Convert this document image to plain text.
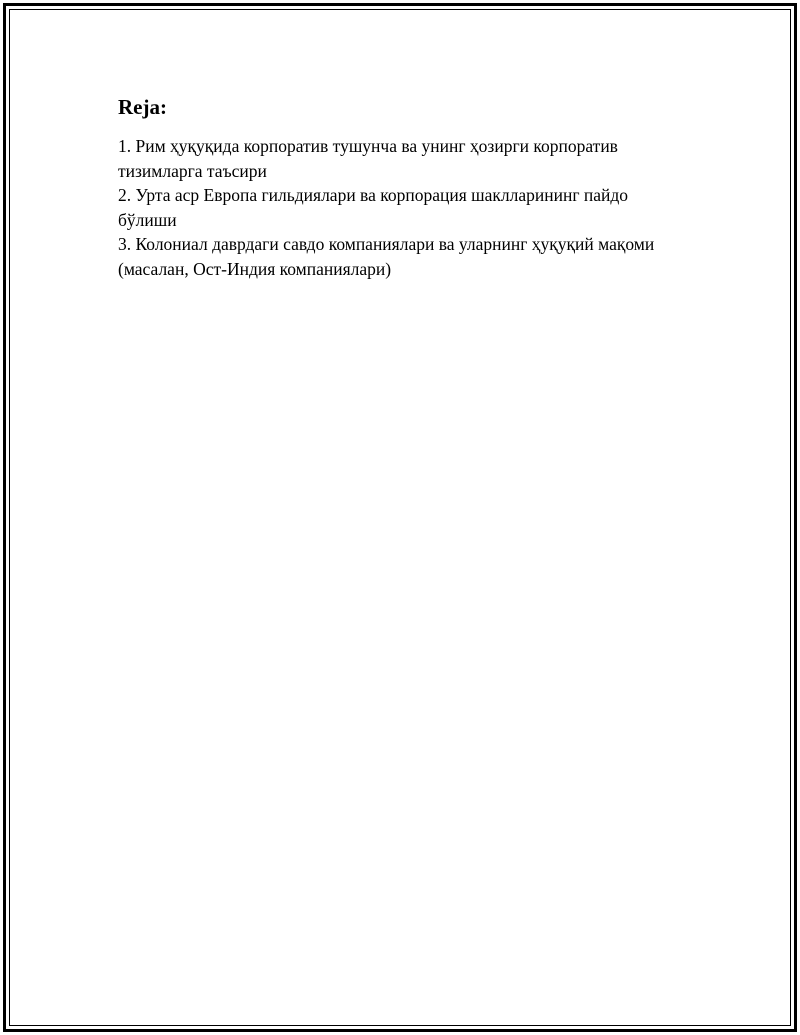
Reja:
1. Рим ҳуқуқида корпоратив тушунча ва унинг ҳозирги корпоратив тизимларга таъсири
2. Урта аср Европа гильдиялари ва корпорация шаклларининг пайдо бўлиши
3. Колониал даврдаги савдо компаниялари ва уларнинг ҳуқуқий мақоми (масалан, Ост-Индия компаниялари)
